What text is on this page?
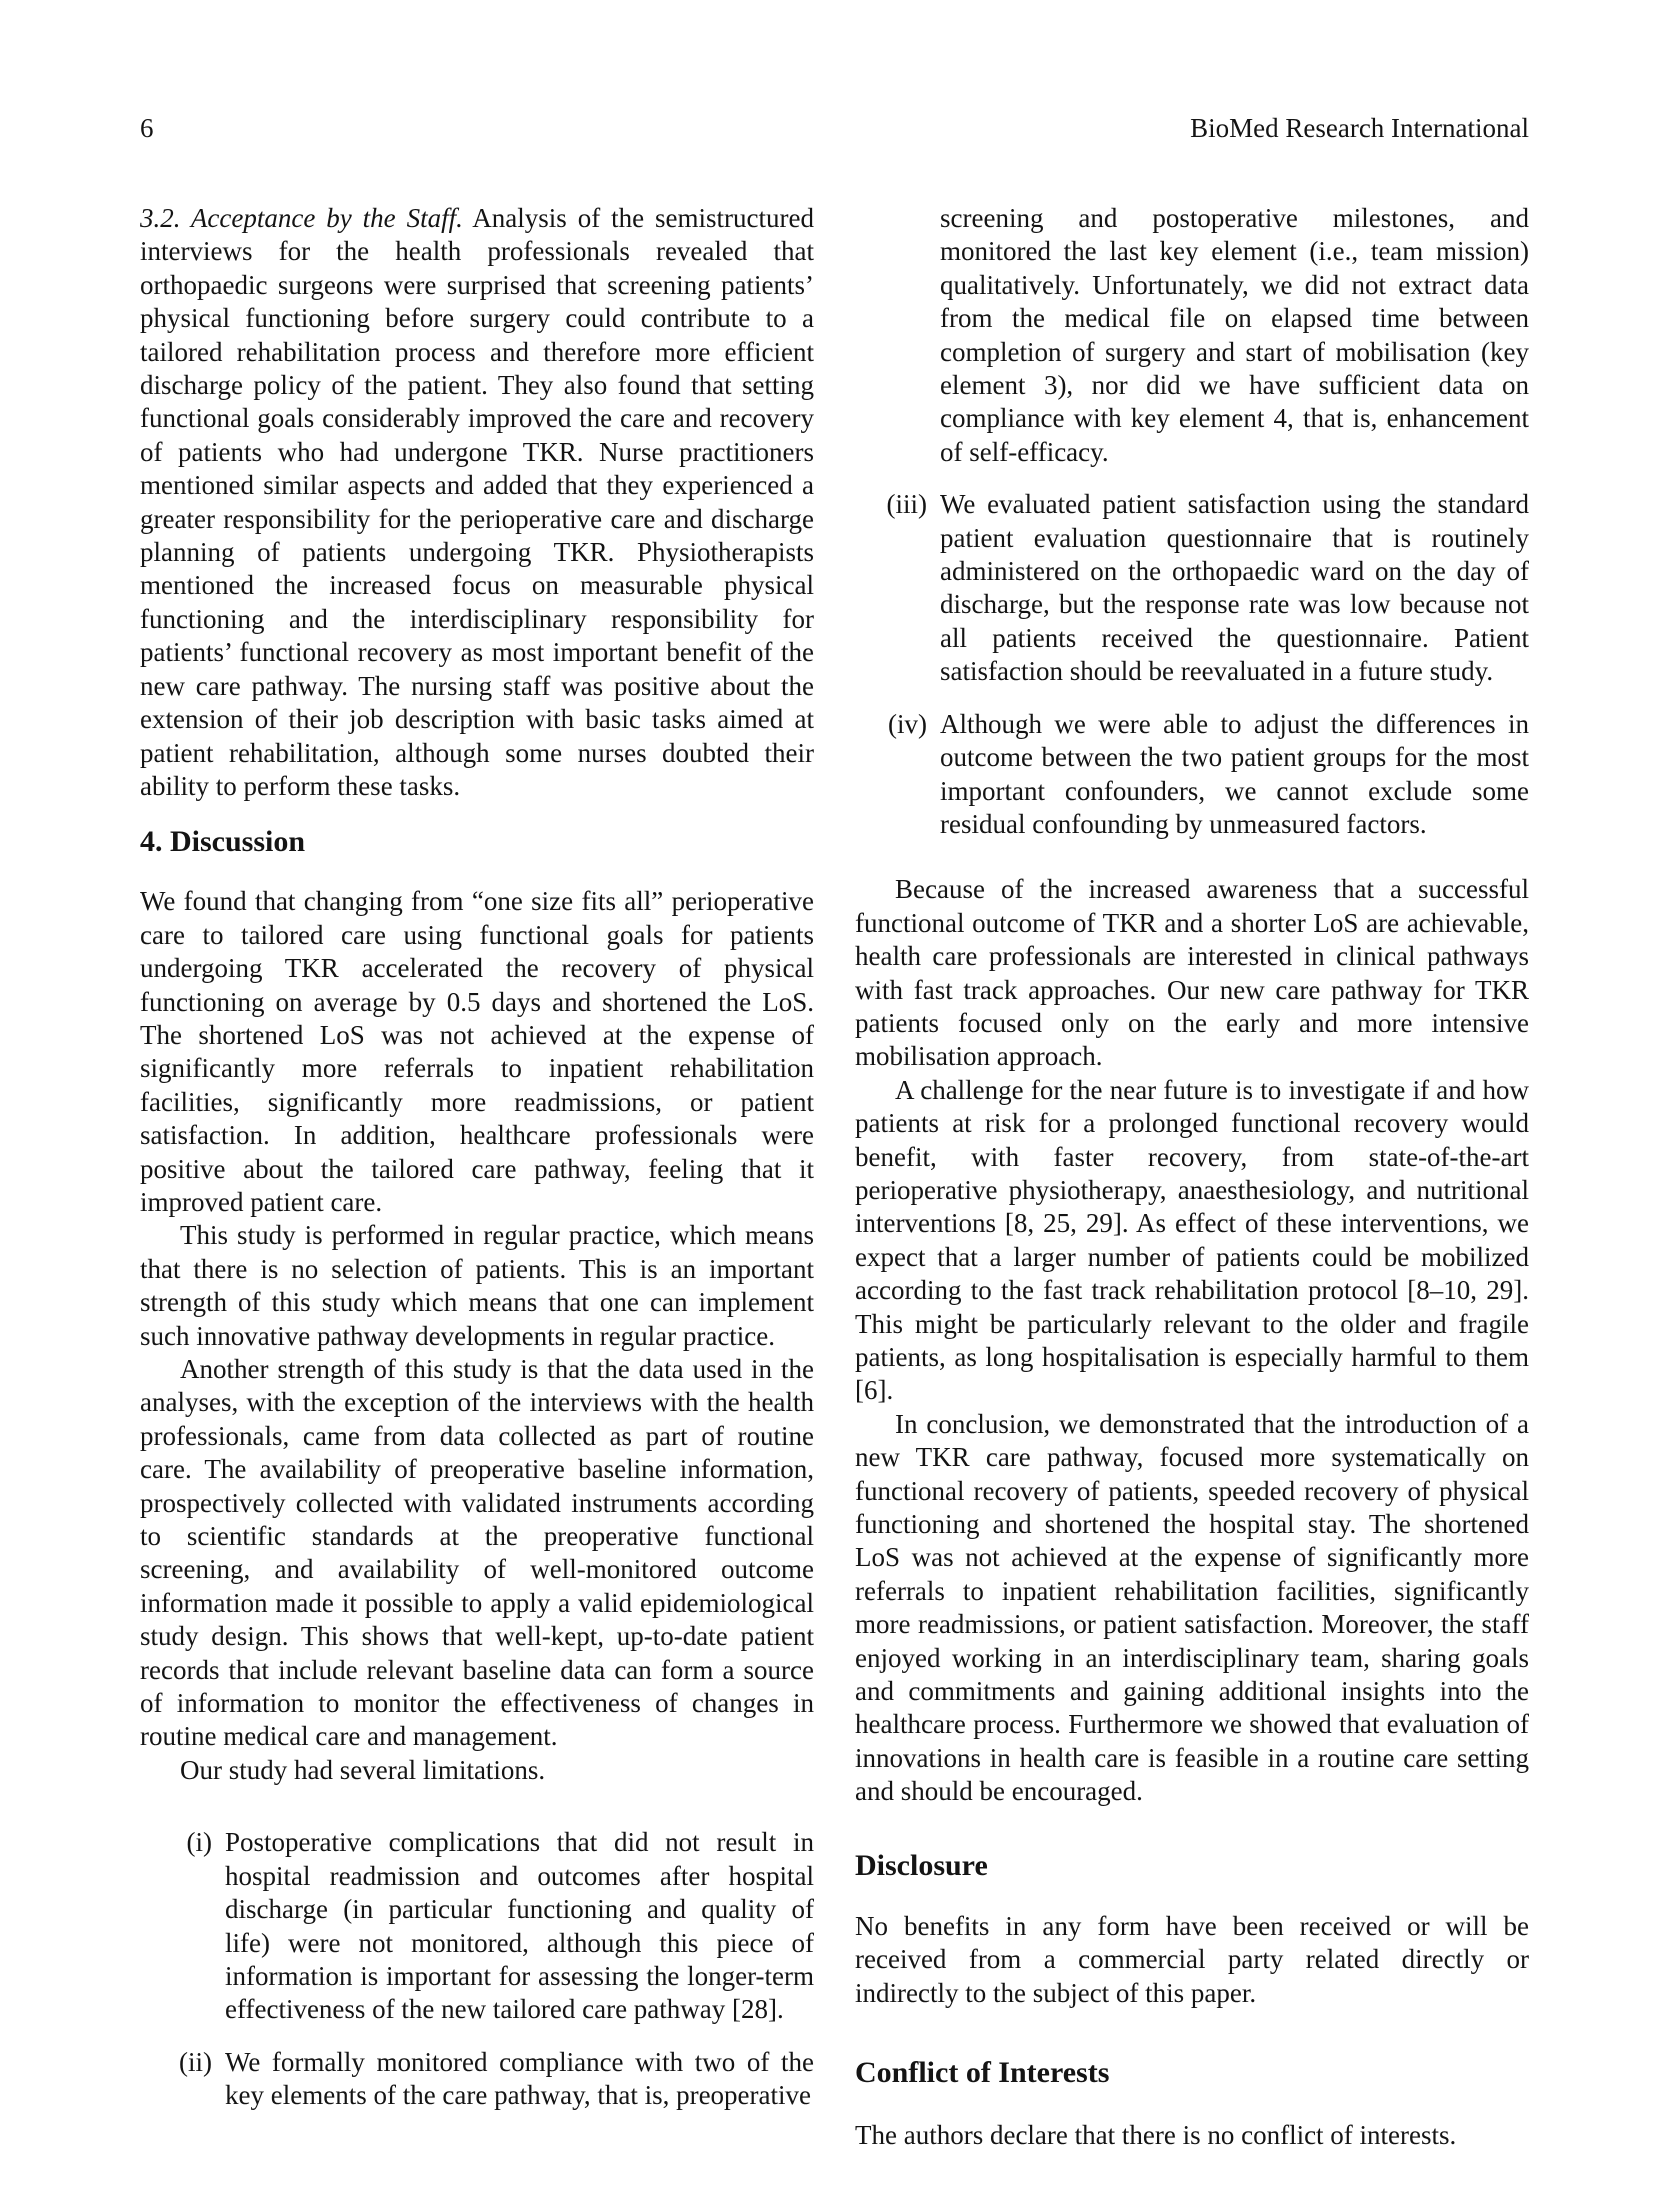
6	BioMed Research International

3.2. Acceptance by the Staff. Analysis of the semistructured interviews for the health professionals revealed that orthopaedic surgeons were surprised that screening patients’ physical functioning before surgery could contribute to a tailored rehabilitation process and therefore more efficient discharge policy of the patient. They also found that setting functional goals considerably improved the care and recovery of patients who had undergone TKR. Nurse practitioners mentioned similar aspects and added that they experienced a greater responsibility for the perioperative care and discharge planning of patients undergoing TKR. Physiotherapists mentioned the increased focus on measurable physical functioning and the interdisciplinary responsibility for patients’ functional recovery as most important benefit of the new care pathway. The nursing staff was positive about the extension of their job description with basic tasks aimed at patient rehabilitation, although some nurses doubted their ability to perform these tasks.

4. Discussion

We found that changing from “one size fits all” perioperative care to tailored care using functional goals for patients undergoing TKR accelerated the recovery of physical functioning on average by 0.5 days and shortened the LoS. The shortened LoS was not achieved at the expense of significantly more referrals to inpatient rehabilitation facilities, significantly more readmissions, or patient satisfaction. In addition, healthcare professionals were positive about the tailored care pathway, feeling that it improved patient care.

This study is performed in regular practice, which means that there is no selection of patients. This is an important strength of this study which means that one can implement such innovative pathway developments in regular practice.

Another strength of this study is that the data used in the analyses, with the exception of the interviews with the health professionals, came from data collected as part of routine care. The availability of preoperative baseline information, prospectively collected with validated instruments according to scientific standards at the preoperative functional screening, and availability of well-monitored outcome information made it possible to apply a valid epidemiological study design. This shows that well-kept, up-to-date patient records that include relevant baseline data can form a source of information to monitor the effectiveness of changes in routine medical care and management.

Our study had several limitations.

(i) Postoperative complications that did not result in hospital readmission and outcomes after hospital discharge (in particular functioning and quality of life) were not monitored, although this piece of information is important for assessing the longer-term effectiveness of the new tailored care pathway [28].
(ii) We formally monitored compliance with two of the key elements of the care pathway, that is, preoperative
screening and postoperative milestones, and monitored the last key element (i.e., team mission) qualitatively. Unfortunately, we did not extract data from the medical file on elapsed time between completion of surgery and start of mobilisation (key element 3), nor did we have sufficient data on compliance with key element 4, that is, enhancement of self-efficacy.
(iii) We evaluated patient satisfaction using the standard patient evaluation questionnaire that is routinely administered on the orthopaedic ward on the day of discharge, but the response rate was low because not all patients received the questionnaire. Patient satisfaction should be reevaluated in a future study.
(iv) Although we were able to adjust the differences in outcome between the two patient groups for the most important confounders, we cannot exclude some residual confounding by unmeasured factors.

Because of the increased awareness that a successful functional outcome of TKR and a shorter LoS are achievable, health care professionals are interested in clinical pathways with fast track approaches. Our new care pathway for TKR patients focused only on the early and more intensive mobilisation approach.

A challenge for the near future is to investigate if and how patients at risk for a prolonged functional recovery would benefit, with faster recovery, from state-of-the-art perioperative physiotherapy, anaesthesiology, and nutritional interventions [8, 25, 29]. As effect of these interventions, we expect that a larger number of patients could be mobilized according to the fast track rehabilitation protocol [8–10, 29]. This might be particularly relevant to the older and fragile patients, as long hospitalisation is especially harmful to them [6].

In conclusion, we demonstrated that the introduction of a new TKR care pathway, focused more systematically on functional recovery of patients, speeded recovery of physical functioning and shortened the hospital stay. The shortened LoS was not achieved at the expense of significantly more referrals to inpatient rehabilitation facilities, significantly more readmissions, or patient satisfaction. Moreover, the staff enjoyed working in an interdisciplinary team, sharing goals and commitments and gaining additional insights into the healthcare process. Furthermore we showed that evaluation of innovations in health care is feasible in a routine care setting and should be encouraged.

Disclosure

No benefits in any form have been received or will be received from a commercial party related directly or indirectly to the subject of this paper.

Conflict of Interests

The authors declare that there is no conflict of interests.
